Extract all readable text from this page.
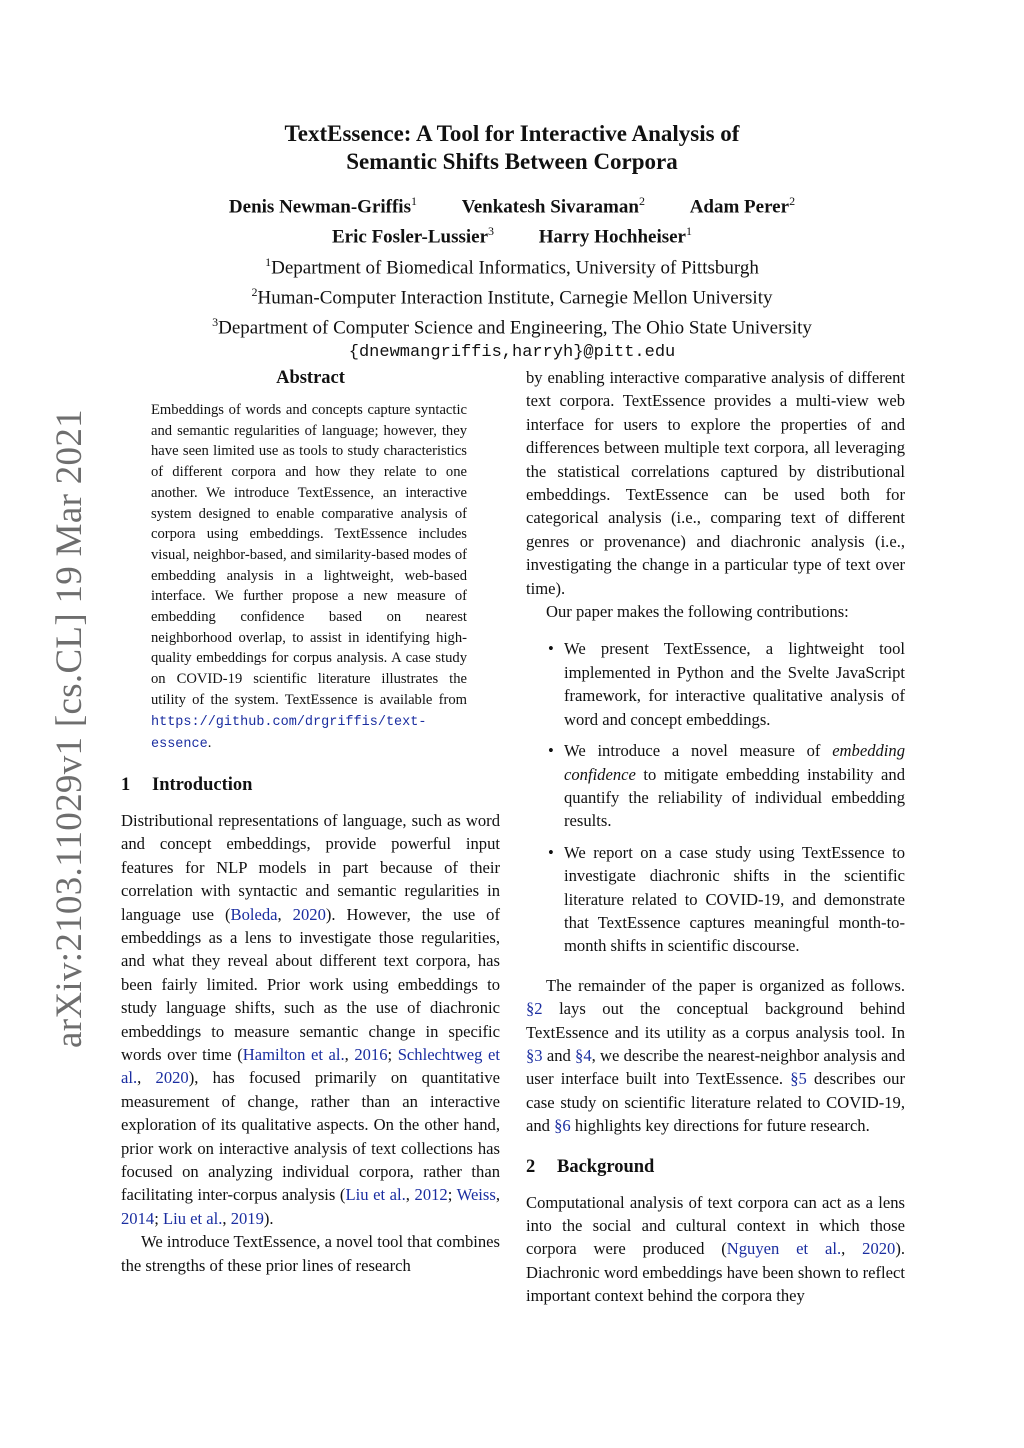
arXiv:2103.11029v1 [cs.CL] 19 Mar 2021
TextEssence: A Tool for Interactive Analysis of
Semantic Shifts Between Corpora
Denis Newman-Griffis$^1$ Venkatesh Sivaraman$^2$ Adam Perer$^2$
Eric Fosler-Lussier$^3$ Harry Hochheiser$^1$
$^1$Department of Biomedical Informatics, University of Pittsburgh
$^2$Human-Computer Interaction Institute, Carnegie Mellon University
$^3$Department of Computer Science and Engineering, The Ohio State University
{dnewmangriffis,harryh}@pitt.edu
Abstract
Embeddings of words and concepts capture syntactic and semantic regularities of language; however, they have seen limited use as tools to study characteristics of different corpora and how they relate to one another. We introduce TextEssence, an interactive system designed to enable comparative analysis of corpora using embeddings. TextEssence includes visual, neighbor-based, and similarity-based modes of embedding analysis in a lightweight, web-based interface. We further propose a new measure of embedding confidence based on nearest neighborhood overlap, to assist in identifying high-quality embeddings for corpus analysis. A case study on COVID-19 scientific literature illustrates the utility of the system. TextEssence is available from https://github.com/drgriffis/text-essence.
1 Introduction

Distributional representations of language, such as word and concept embeddings, provide powerful input features for NLP models in part because of their correlation with syntactic and semantic regularities in language use (Boleda, 2020). However, the use of embeddings as a lens to investigate those regularities, and what they reveal about different text corpora, has been fairly limited. Prior work using embeddings to study language shifts, such as the use of diachronic embeddings to measure semantic change in specific words over time (Hamilton et al., 2016; Schlechtweg et al., 2020), has focused primarily on quantitative measurement of change, rather than an interactive exploration of its qualitative aspects. On the other hand, prior work on interactive analysis of text collections has focused on analyzing individual corpora, rather than facilitating inter-corpus analysis (Liu et al., 2012; Weiss, 2014; Liu et al., 2019).

We introduce TextEssence, a novel tool that combines the strengths of these prior lines of research

by enabling interactive comparative analysis of different text corpora. TextEssence provides a multi-view web interface for users to explore the properties of and differences between multiple text corpora, all leveraging the statistical correlations captured by distributional embeddings. TextEssence can be used both for categorical analysis (i.e., comparing text of different genres or provenance) and diachronic analysis (i.e., investigating the change in a particular type of text over time).

Our paper makes the following contributions:

• We present TextEssence, a lightweight tool implemented in Python and the Svelte JavaScript framework, for interactive qualitative analysis of word and concept embeddings.
• We introduce a novel measure of embedding confidence to mitigate embedding instability and quantify the reliability of individual embedding results.
• We report on a case study using TextEssence to investigate diachronic shifts in the scientific literature related to COVID-19, and demonstrate that TextEssence captures meaningful month-to-month shifts in scientific discourse.

The remainder of the paper is organized as follows. §2 lays out the conceptual background behind TextEssence and its utility as a corpus analysis tool. In §3 and §4, we describe the nearest-neighbor analysis and user interface built into TextEssence. §5 describes our case study on scientific literature related to COVID-19, and §6 highlights key directions for future research.

2 Background

Computational analysis of text corpora can act as a lens into the social and cultural context in which those corpora were produced (Nguyen et al., 2020). Diachronic word embeddings have been shown to reflect important context behind the corpora they
